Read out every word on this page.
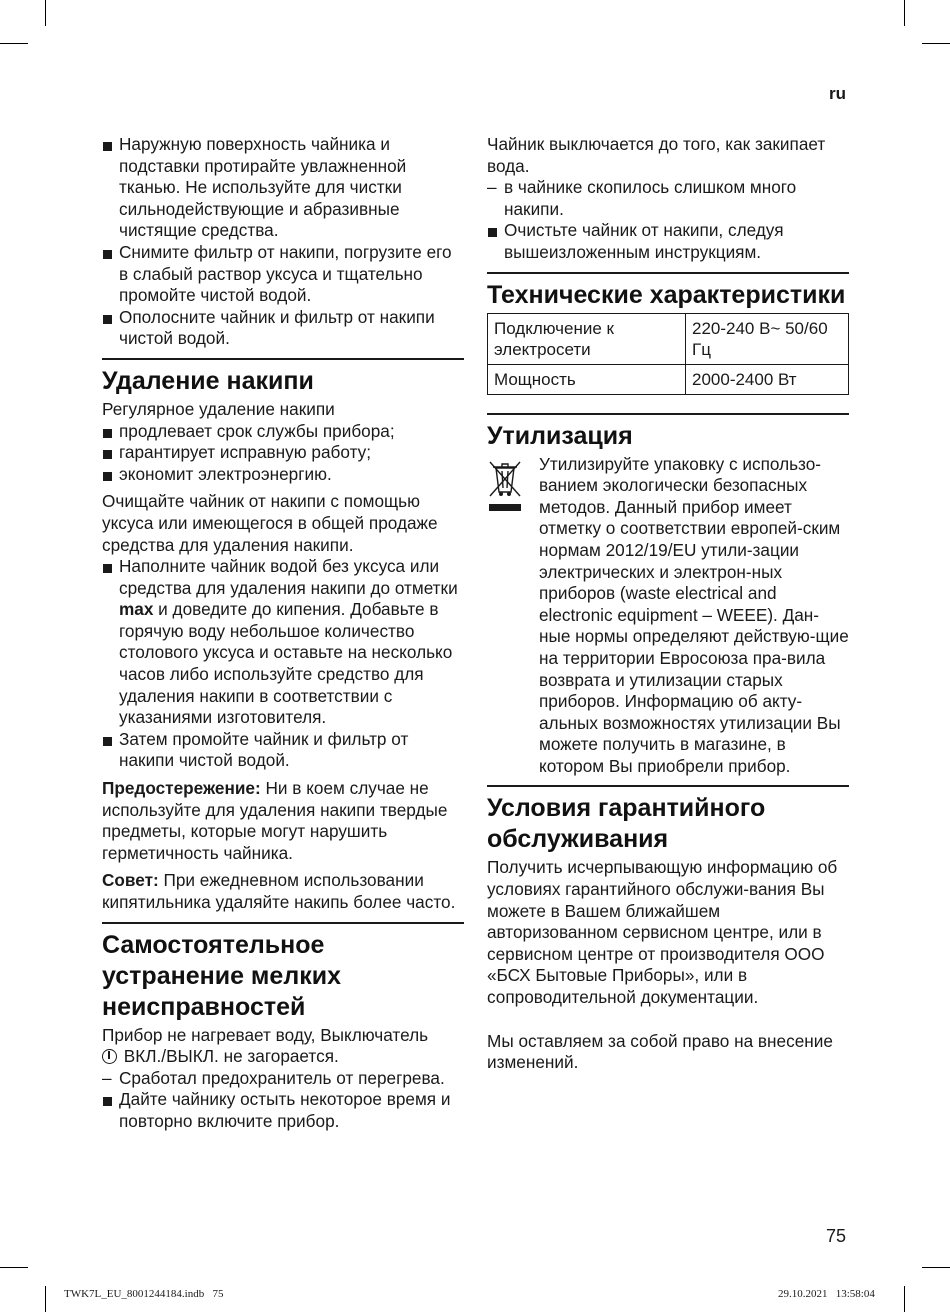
ru
Наружную поверхность чайника и подставки протирайте увлажненной тканью. Не используйте для чистки сильнодействующие и абразивные чистящие средства.
Снимите фильтр от накипи, погрузите его в слабый раствор уксуса и тщательно промойте чистой водой.
Ополосните чайник и фильтр от накипи чистой водой.
Удаление накипи

Регулярное удаление накипи

продлевает срок службы прибора;
гарантирует исправную работу;
экономит электроэнергию.

Очищайте чайник от накипи с помощью уксуса или имеющегося в общей продаже средства для удаления накипи.

Наполните чайник водой без уксуса или средства для удаления накипи до отметки max и доведите до кипения. Добавьте в горячую воду небольшое количество столового уксуса и оставьте на несколько часов либо используйте средство для удаления накипи в соответствии с указаниями изготовителя.
Затем промойте чайник и фильтр от накипи чистой водой.

Предостережение: Ни в коем случае не используйте для удаления накипи твердые предметы, которые могут нарушить герметичность чайника.

Совет: При ежедневном использовании кипятильника удаляйте накипь более часто.

Самостоятельное устранение мелких неисправностей

Прибор не нагревает воду, Выключатель
ВКЛ./ВЫКЛ. не загорается.

– Сработал предохранитель от перегрева.
Дайте чайнику остыть некоторое время и повторно включите прибор.

Чайник выключается до того, как закипает вода.

– в чайнике скопилось слишком много накипи.
Очистьте чайник от накипи, следуя вышеизложенным инструкциям.
Технические характеристики
Подключение к электросети	220-240 В~ 50/60 Гц
Мощность	2000-2400 Вт
Утилизация

Утилизируйте упаковку с использо-ванием экологически безопасных методов. Данный прибор имеет отметку о соответствии европей-ским нормам 2012/19/EU утили-зации электрических и электрон-ных приборов (waste electrical and electronic equipment – WEEE). Дан-ные нормы определяют действую-щие на территории Евросоюза пра-вила возврата и утилизации старых приборов. Информацию об акту-альных возможностях утилизации Вы можете получить в магазине, в котором Вы приобрели прибор.

Условия гарантийного обслуживания

Получить исчерпывающую информацию об условиях гарантийного обслужи-вания Вы можете в Вашем ближайшем авторизованном сервисном центре, или в сервисном центре от производителя ООО «БСХ Бытовые Приборы», или в сопроводительной документации.

Мы оставляем за собой право на внесение изменений.

75
TWK7L_EU_8001244184.indb   75	29.10.2021   13:58:04
